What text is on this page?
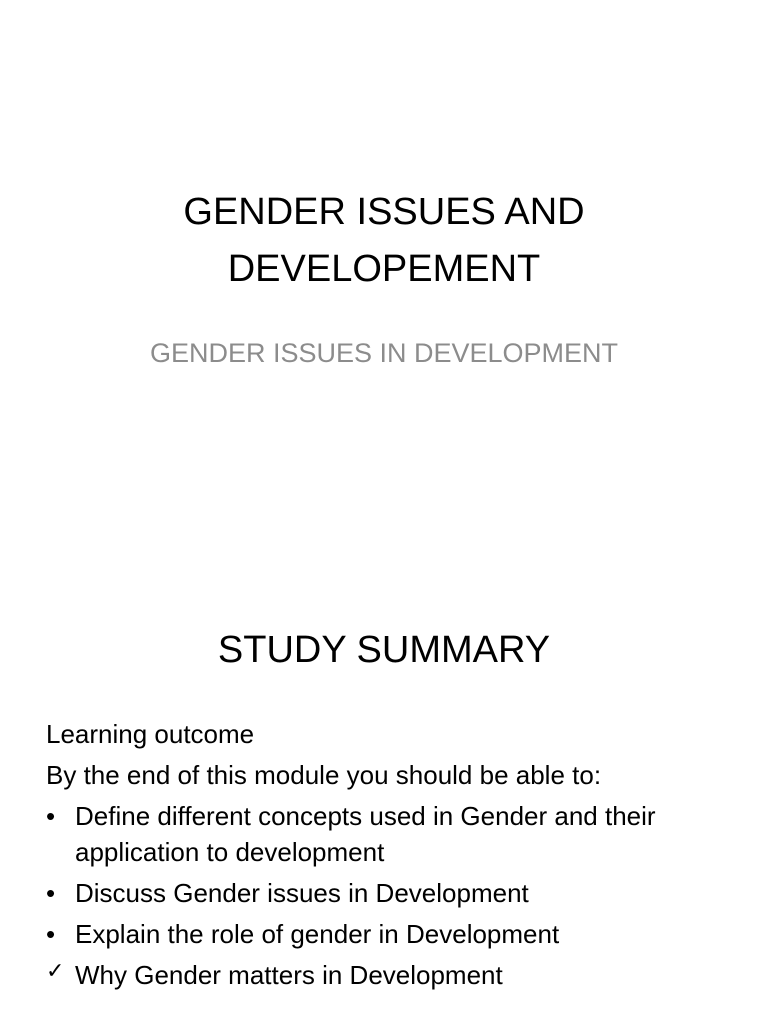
GENDER ISSUES AND
DEVELOPEMENT

GENDER ISSUES IN DEVELOPMENT

STUDY SUMMARY

Learning outcome

By the end of this module you should be able to:

• Define different concepts used in Gender and their application to development
• Discuss Gender issues in Development
• Explain the role of gender in Development
✓ Why Gender matters in Development
